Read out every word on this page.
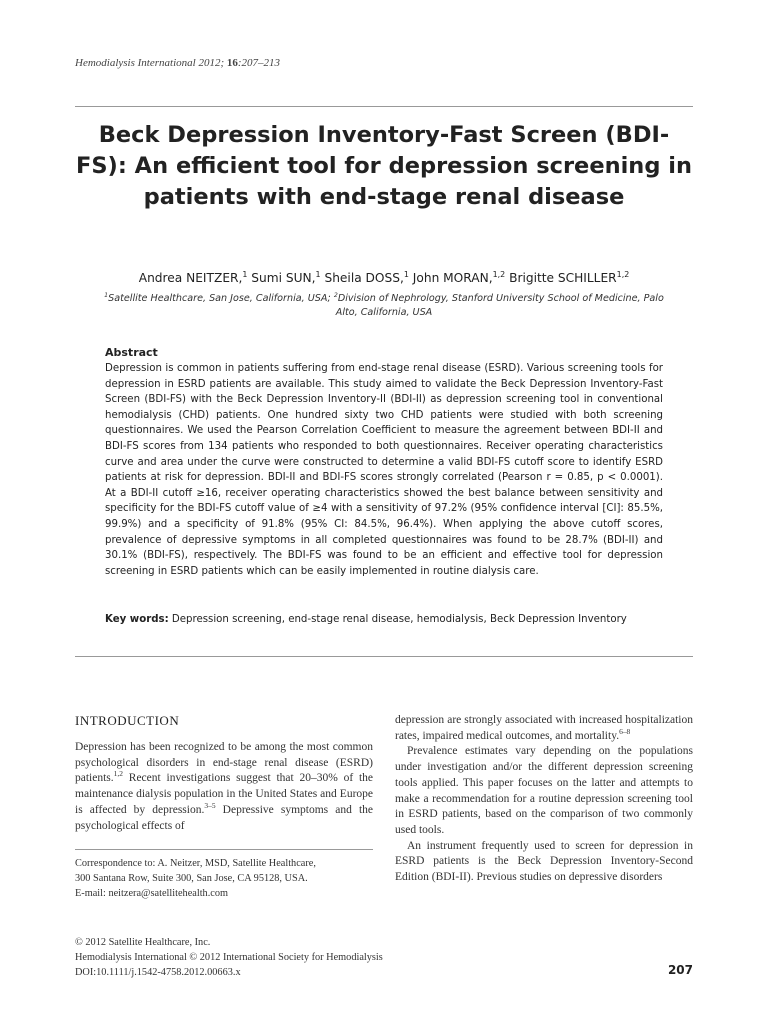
Hemodialysis International 2012; 16:207–213
Beck Depression Inventory-Fast Screen (BDI-FS): An efficient tool for depression screening in patients with end-stage renal disease
Andrea NEITZER,$^1$ Sumi SUN,$^1$ Sheila DOSS,$^1$ John MORAN,$^{1,2}$ Brigitte SCHILLER$^{1,2}$
$^1$Satellite Healthcare, San Jose, California, USA; $^2$Division of Nephrology, Stanford University School of Medicine, Palo Alto, California, USA
Abstract
Depression is common in patients suffering from end-stage renal disease (ESRD). Various screening tools for depression in ESRD patients are available. This study aimed to validate the Beck Depression Inventory-Fast Screen (BDI-FS) with the Beck Depression Inventory-II (BDI-II) as depression screening tool in conventional hemodialysis (CHD) patients. One hundred sixty two CHD patients were studied with both screening questionnaires. We used the Pearson Correlation Coefficient to measure the agreement between BDI-II and BDI-FS scores from 134 patients who responded to both questionnaires. Receiver operating characteristics curve and area under the curve were constructed to determine a valid BDI-FS cutoff score to identify ESRD patients at risk for depression. BDI-II and BDI-FS scores strongly correlated (Pearson r = 0.85, p < 0.0001). At a BDI-II cutoff ≥16, receiver operating characteristics showed the best balance between sensitivity and specificity for the BDI-FS cutoff value of ≥4 with a sensitivity of 97.2% (95% confidence interval [CI]: 85.5%, 99.9%) and a specificity of 91.8% (95% CI: 84.5%, 96.4%). When applying the above cutoff scores, prevalence of depressive symptoms in all completed questionnaires was found to be 28.7% (BDI-II) and 30.1% (BDI-FS), respectively. The BDI-FS was found to be an efficient and effective tool for depression screening in ESRD patients which can be easily implemented in routine dialysis care.
Key words: Depression screening, end-stage renal disease, hemodialysis, Beck Depression Inventory
INTRODUCTION

Depression has been recognized to be among the most common psychological disorders in end-stage renal disease (ESRD) patients.$^{1,2}$ Recent investigations suggest that 20–30% of the maintenance dialysis population in the United States and Europe is affected by depression.$^{3-5}$ Depressive symptoms and the psychological effects of

Correspondence to: A. Neitzer, MSD, Satellite Healthcare,
300 Santana Row, Suite 300, San Jose, CA 95128, USA.
E-mail: neitzera@satellitehealth.com

depression are strongly associated with increased hospitalization rates, impaired medical outcomes, and mortality.$^{6-8}$

Prevalence estimates vary depending on the populations under investigation and/or the different depression screening tools applied. This paper focuses on the latter and attempts to make a recommendation for a routine depression screening tool in ESRD patients, based on the comparison of two commonly used tools.

An instrument frequently used to screen for depression in ESRD patients is the Beck Depression Inventory-Second Edition (BDI-II). Previous studies on depressive disorders

© 2012 Satellite Healthcare, Inc.
Hemodialysis International © 2012 International Society for Hemodialysis
DOI:10.1111/j.1542-4758.2012.00663.x	207
